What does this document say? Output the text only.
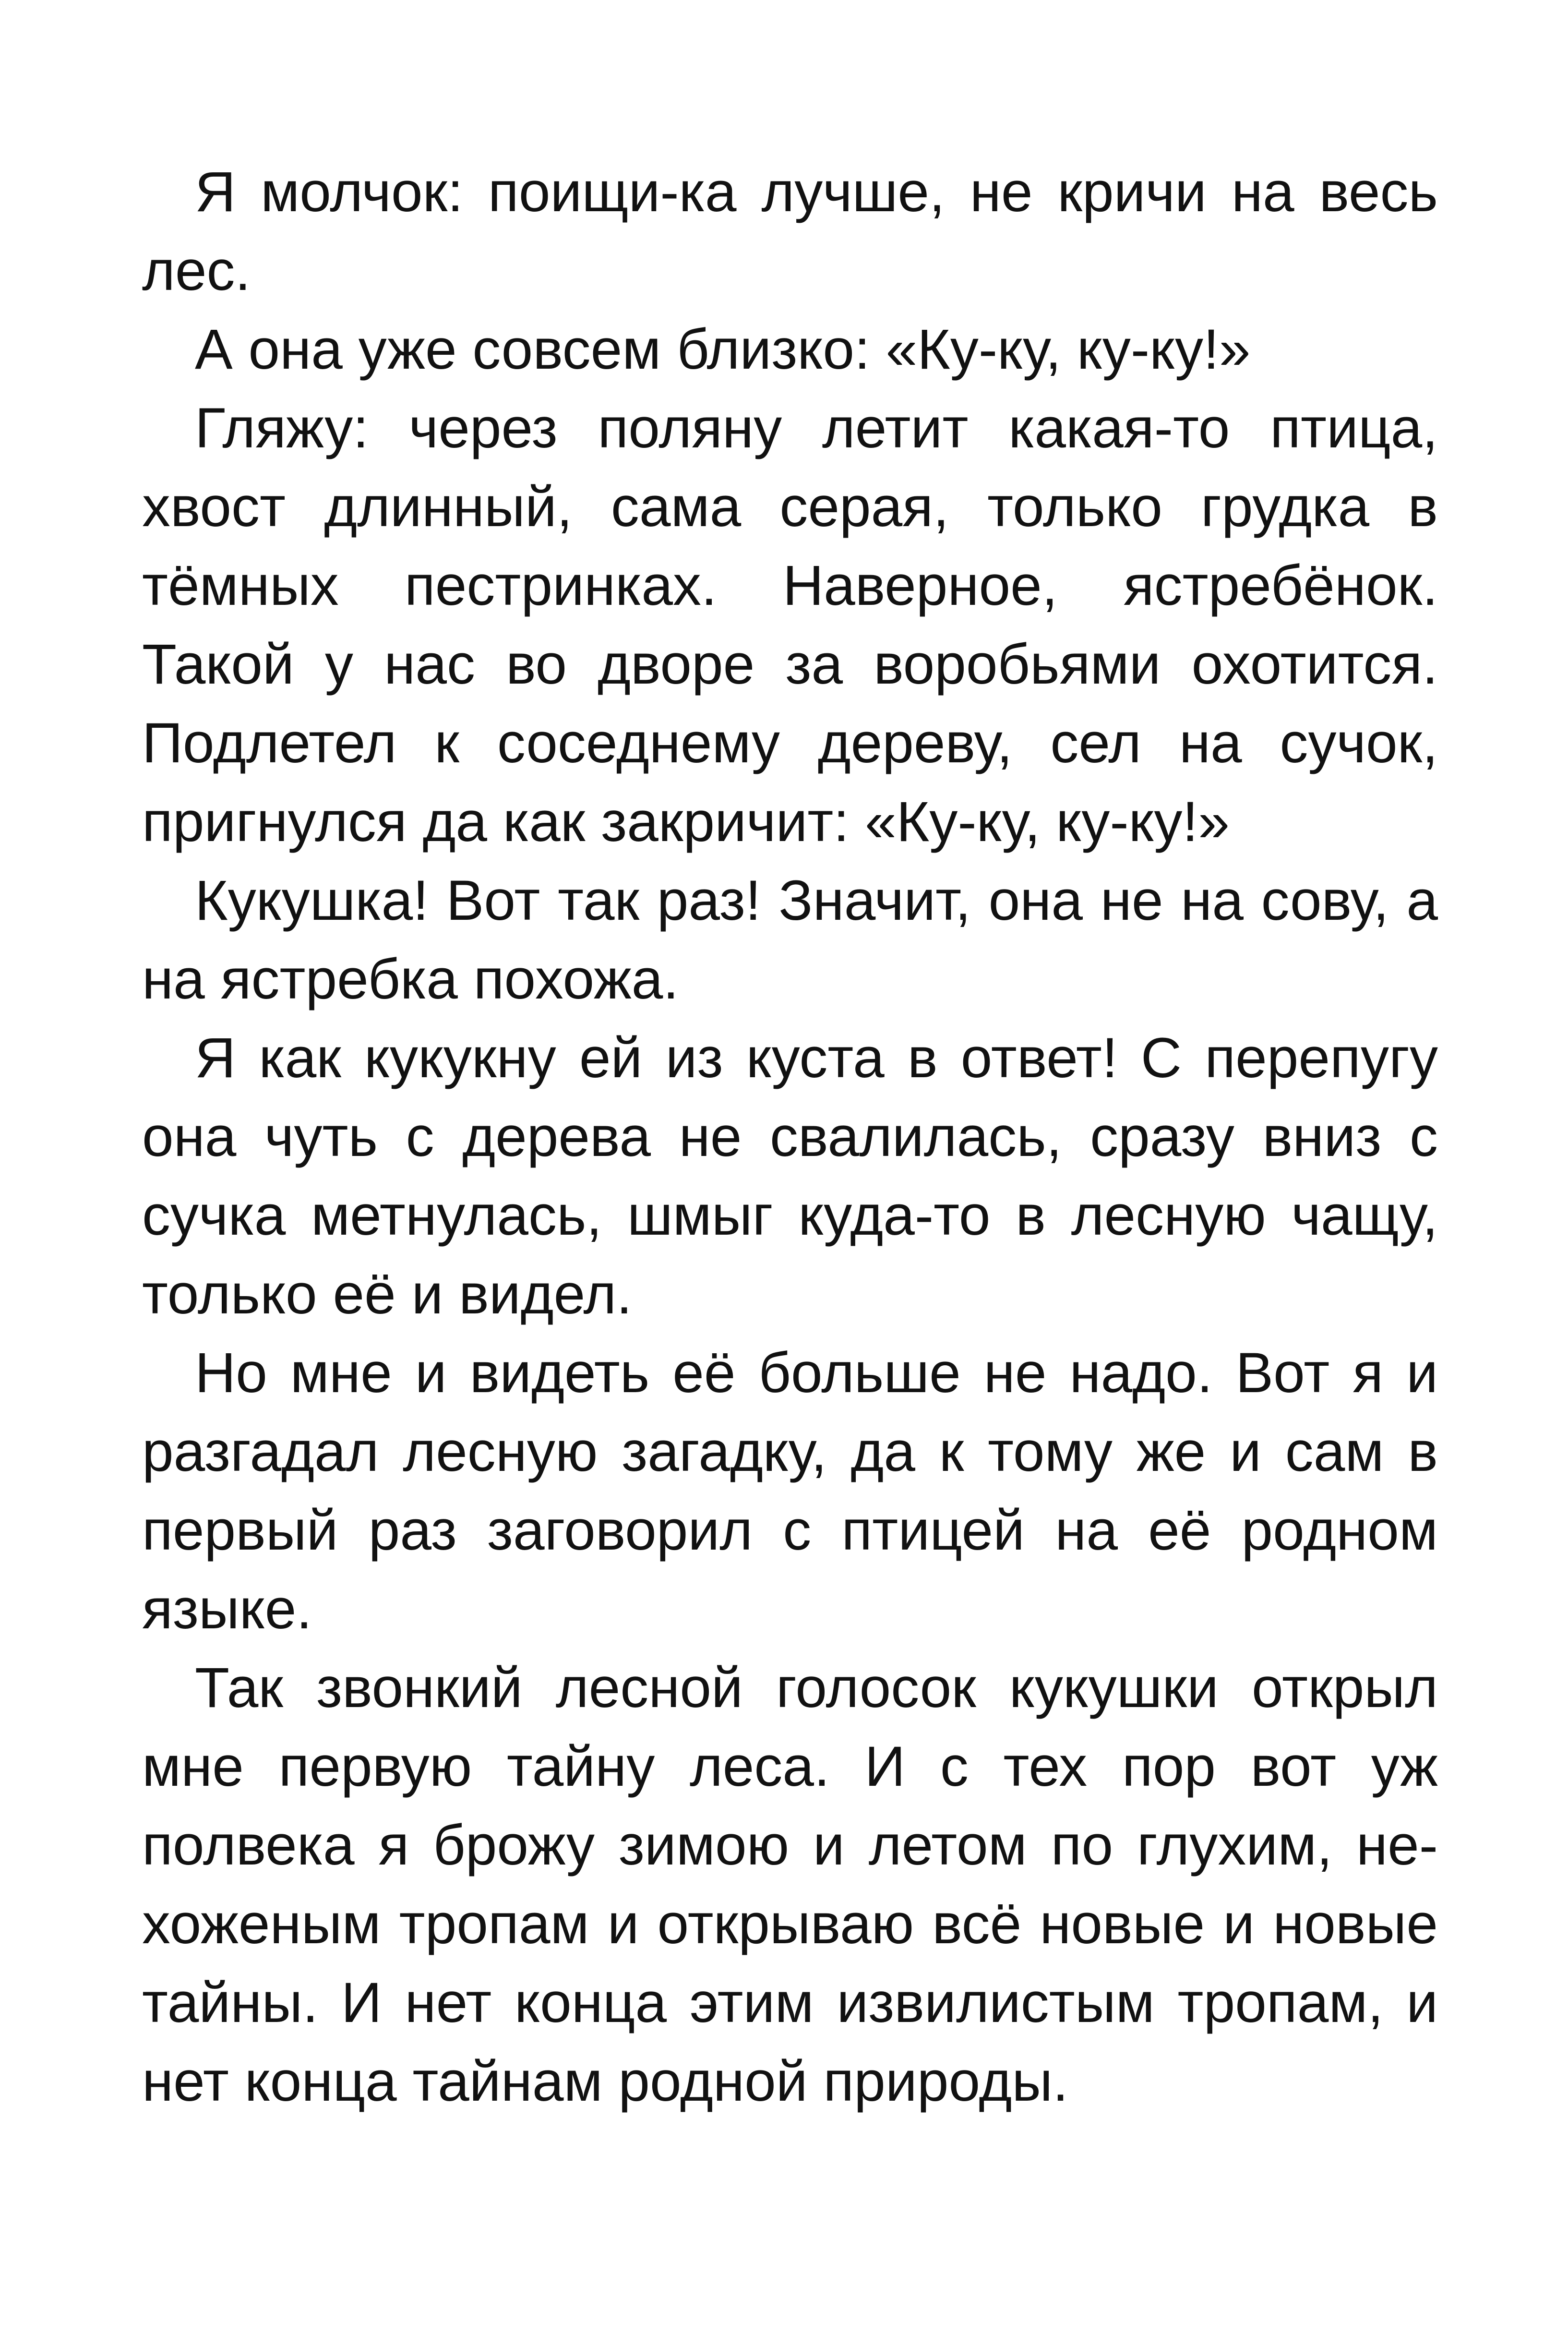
Я молчок: поищи-ка лучше, не кричи на весь лес.

А она уже совсем близко: «Ку-ку, ку-ку!»

Гляжу: через поляну летит какая-то птица, хвост длинный, сама серая, только грудка в тёмных пестринках. Наверное, ястребёнок. Такой у нас во дворе за воробьями охотится. Подлетел к соседнему дереву, сел на сучок, пригнулся да как закричит: «Ку-ку, ку-ку!»

Кукушка! Вот так раз! Значит, она не на сову, а на ястребка похожа.

Я как кукукну ей из куста в ответ! С перепугу она чуть с дерева не свалилась, сразу вниз с сучка метнулась, шмыг куда-то в лесную чащу, только её и видел.

Но мне и видеть её больше не надо. Вот я и разгадал лесную загадку, да к тому же и сам в первый раз заговорил с птицей на её родном языке.

Так звонкий лесной голосок кукушки открыл мне первую тайну леса. И с тех пор вот уж полвека я брожу зимою и летом по глухим, нехоженым тропам и открываю всё новые и новые тайны. И нет конца этим извилистым тропам, и нет конца тайнам родной природы.
